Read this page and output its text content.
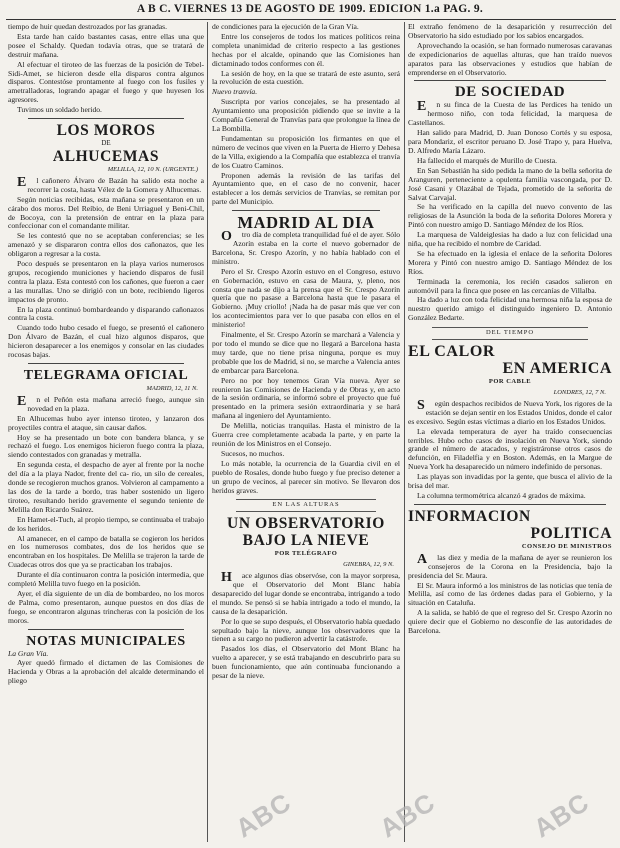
A B C. VIERNES 13 DE AGOSTO DE 1909. EDICION 1.a PAG. 9.

tiempo de huir quedan destrozados por las granadas.

Esta tarde han caído bastantes casas, entre ellas una que posee el Schaldy. Quedan todavía otras, que se tratará de destruir mañana.

Al efectuar el tiroteo de las fuerzas de la posición de Tebel-Sidi-Amet, se hicieron desde ella disparos contra algunos disparos. Contestóse prontamente al fuego con los fusiles y ametralladoras, logrando apagar el fuego y que huyesen los agresores.

Tuvimos un soldado herido.

LOS MOROS
DE
ALHUCEMAS
MELILLA, 12, 10 N. (URGENTE.)

El cañonero Álvaro de Bazán ha salido esta noche a recorrer la costa, hasta Vélez de la Gomera y Alhucemas.

Según noticias recibidas, esta mañana se presentaron en un cárabo dos moros. Del Reíbio, de Beni Urriaguel y Beni-Chil, de Bocoya, con la pretensión de entrar en la plaza para confeccionar con el comandante militar.

Se les contestó que no se aceptaban conferencias; se les amenazó y se dispararon contra ellos dos cañonazos, que les obligaron a regresar a la costa.

Poco después se presentaron en la playa varios numerosos grupos, recogiendo municiones y haciendo disparos de fusil contra la plaza. Esta contestó con los cañones, que fueron a caer a las murallas. Uno se dirigió con un bote, recibiendo ligeros impactos de pronto.

En la plaza continuó bombardeando y disparando cañonazos contra la costa.

Cuando todo hubo cesado el fuego, se presentó el cañonero Don Álvaro de Bazán, el cual hizo algunos disparos, que hicieron desaparecer a los enemigos y consolar en las ciudades rocosas bajas.

TELEGRAMA OFICIAL
MADRID, 12, 11 N.

En el Peñón esta mañana arreció fuego, aunque sin novedad en la plaza.

En Alhucemas hubo ayer intenso tiroteo, y lanzaron dos proyectiles contra el ataque, sin causar daños.

Hoy se ha presentado un bote con bandera blanca, y se rechazó el fuego. Los enemigos hicieron fuego contra la plaza, siendo contestados con granadas y metralla.

En segunda cesta, el despacho de ayer al frente por la noche del día a la playa Nador, frente del ca- rio, un silo de cereales, donde se recogieron muchos granos. Volvieron al campamento a las dos de la tarde a bordo, tras haber sostenido un ligero tiroteo, resultando herido gravemente el segundo teniente de Melilla don Ricardo Suárez.

En Hamet-el-Tuch, al propio tiempo, se continuaba el trabajo de los heridos.

Al amanecer, en el campo de batalla se cogieron los heridos en los numerosos combates, dos de los heridos que se encontraban en los hospitales. De Melilla se trajeron la tarde de Cuadecas otros dos que ya se practicaban los trabajos.

Durante el día continuaron contra la posición intermedia, que completó Melilla tuvo fuego en la posición.

Ayer, el día siguiente de un día de bombardeo, no los moros de Palma, como presentaron, aunque puestos en dos días de fuego, se encontraron algunas trincheras con la posición de los moros.

NOTAS MUNICIPALES

La Gran Vía.

Ayer quedó firmado el dictamen de las Comisiones de Hacienda y Obras a la aprobación del alcalde determinando el pliego

de condiciones para la ejecución de la Gran Vía.

Entre los consejeros de todos los matices políticos reina completa unanimidad de criterio respecto a las gestiones hechas por el alcalde, opinando que las Comisiones han dictaminado todos conformes con él.

La sesión de hoy, en la que se tratará de este asunto, será la revolución de esta cuestión.

Nuevo tranvía.

Suscripta por varios concejales, se ha presentado al Ayuntamiento una proposición pidiendo que se invite a la Compañía General de Tranvías para que prolongue la línea de La Bombilla.

Fundamentan su proposición los firmantes en que el número de vecinos que viven en la Puerta de Hierro y Dehesa de la Villa, exigiendo a la Compañía que establezca el tranvía de los Cuatro Caminos.

Proponen además la revisión de las tarifas del Ayuntamiento que, en el caso de no convenir, hacer establecer a los demás servicios de Tranvías, se remitan por parte del Municipio.

MADRID AL DIA

Otro día de completa tranquilidad fué el de ayer. Sólo Azorín estaba en la corte el nuevo gobernador de Barcelona, Sr. Crespo Azorín, y no había hablado con el ministro.

Pero el Sr. Crespo Azorín estuvo en el Congreso, estuvo en Gobernación, estuvo en casa de Maura, y, pleno, nos consta que nada se dijo a la prensa que el Sr. Crespo Azorín quería que no pasase a Barcelona hasta que le pasara el Gobierno. ¡Muy criollo! ¡Nada ha de pasar más que ver con los acontecimientos para ver lo que pasaba con ellos en el ministerio!

Finalmente, el Sr. Crespo Azorín se marchará a Valencia y por todo el mundo se dice que no llegará a Barcelona hasta muy tarde, que no tiene prisa ninguna, porque es muy probable que los de Madrid, si no, se marche a Valencia antes de embarcar para Barcelona.

Pero no por hoy tenemos Gran Vía nueva. Ayer se reunieron las Comisiones de Hacienda y de Obras y, en acto de la sesión ordinaria, se informó sobre el proyecto que fué presentado en la primera sesión extraordinaria y se hará mañana al ingeniero del Ayuntamiento.

De Melilla, noticias tranquilas. Hasta el ministro de la Guerra cree completamente acabada la parte, y en parte la reunión de los Ministros en el Consejo.

Sucesos, no muchos.

Lo más notable, la ocurrencia de la Guardia civil en el pueblo de Rosales, donde hubo fuego y fue preciso detener a un grupo de vecinos, al parecer sin motivo. Se llevaron dos heridos graves.

EN LAS ALTURAS
UN OBSERVATORIO
BAJO LA NIEVE
POR TELÉGRAFO
GINEBRA, 12, 9 N.

Hace algunos días observóse, con la mayor sorpresa, que el Observatorio del Mont Blanc había desaparecido del lugar donde se encontraba, intrigando a todo el mundo. Se pensó si se había intrigado a todo el mundo, la causa de la desaparición.

Por lo que se supo después, el Observatorio había quedado sepultado bajo la nieve, aunque los observadores que la tienen a su cargo no pudieron advertir la catástrofe.

Pasados los días, el Observatorio del Mont Blanc ha vuelto a aparecer, y se está trabajando en descubrirlo para su buen funcionamiento, que aún continuaba funcionando a pesar de la nieve.

El extraño fenómeno de la desaparición y resurrección del Observatorio ha sido estudiado por los sabios encargados.

Aprovechando la ocasión, se han formado numerosas caravanas de expedicionarios de aquellas alturas, que han traído nuevos aparatos para las observaciones y estudios que habían de emprenderse en el Observatorio.

DE SOCIEDAD

En su finca de la Cuesta de las Perdices ha tenido un hermoso niño, con toda felicidad, la marquesa de Castellanos.

Han salido para Madrid, D. Juan Donoso Cortés y su esposa, para Mondariz, el escritor peruano D. José Trapo y, para Huelva, D. Alfredo María Lázaro.

Ha fallecido el marqués de Murillo de Cuesta.

En San Sebastián ha sido pedida la mano de la bella señorita de Aranguren, perteneciente a opulenta familia vascongada, por D. José Casani y Olazábal de Tejada, prometido de la señorita de Salvat Carvajal.

Se ha verificado en la capilla del nuevo convento de las religiosas de la Asunción la boda de la señorita Dolores Morera y Pintó con nuestro amigo D. Santiago Méndez de los Ríos.

La marquesa de Valdeiglesias ha dado a luz con felicidad una niña, que ha recibido el nombre de Caridad.

Se ha efectuado en la iglesia el enlace de la señorita Dolores Morera y Pintó con nuestro amigo D. Santiago Méndez de los Ríos.

Terminada la ceremonia, los recién casados salieron en automóvil para la finca que posee en las cercanías de Villalba.

Ha dado a luz con toda felicidad una hermosa niña la esposa de nuestro querido amigo el distinguido ingeniero D. Antonio González Bedarte.

DEL TIEMPO
EL CALOR
EN AMERICA
POR CABLE
LONDRES, 12, 7 N.

Según despachos recibidos de Nueva York, los rigores de la estación se dejan sentir en los Estados Unidos, donde el calor es excesivo. Según estas víctimas a diario en los Estados Unidos.

La elevada temperatura de ayer ha traído consecuencias terribles. Hubo ocho casos de insolación en Nueva York, siendo grande el número de atacados, y registráronse otros casos de defunción, en Filadelfia y en Boston. Además, en la Margue de Nueva York ha desaparecido un número indefinido de personas.

Las playas son invadidas por la gente, que busca el alivio de la brisa del mar.

La columna termométrica alcanzó 4 grados de máxima.

INFORMACION
POLITICA
CONSEJO DE MINISTROS

Alas diez y media de la mañana de ayer se reunieron los consejeros de la Corona en la Presidencia, bajo la presidencia del Sr. Maura.

El Sr. Maura informó a los ministros de las noticias que tenía de Melilla, así como de las órdenes dadas para el Gobierno, y la situación en Cataluña.

A la salida, se habló de que el regreso del Sr. Crespo Azorín no quiere decir que el Gobierno no desconfíe de las autoridades de Barcelona.

ABC	ABC	ABC
